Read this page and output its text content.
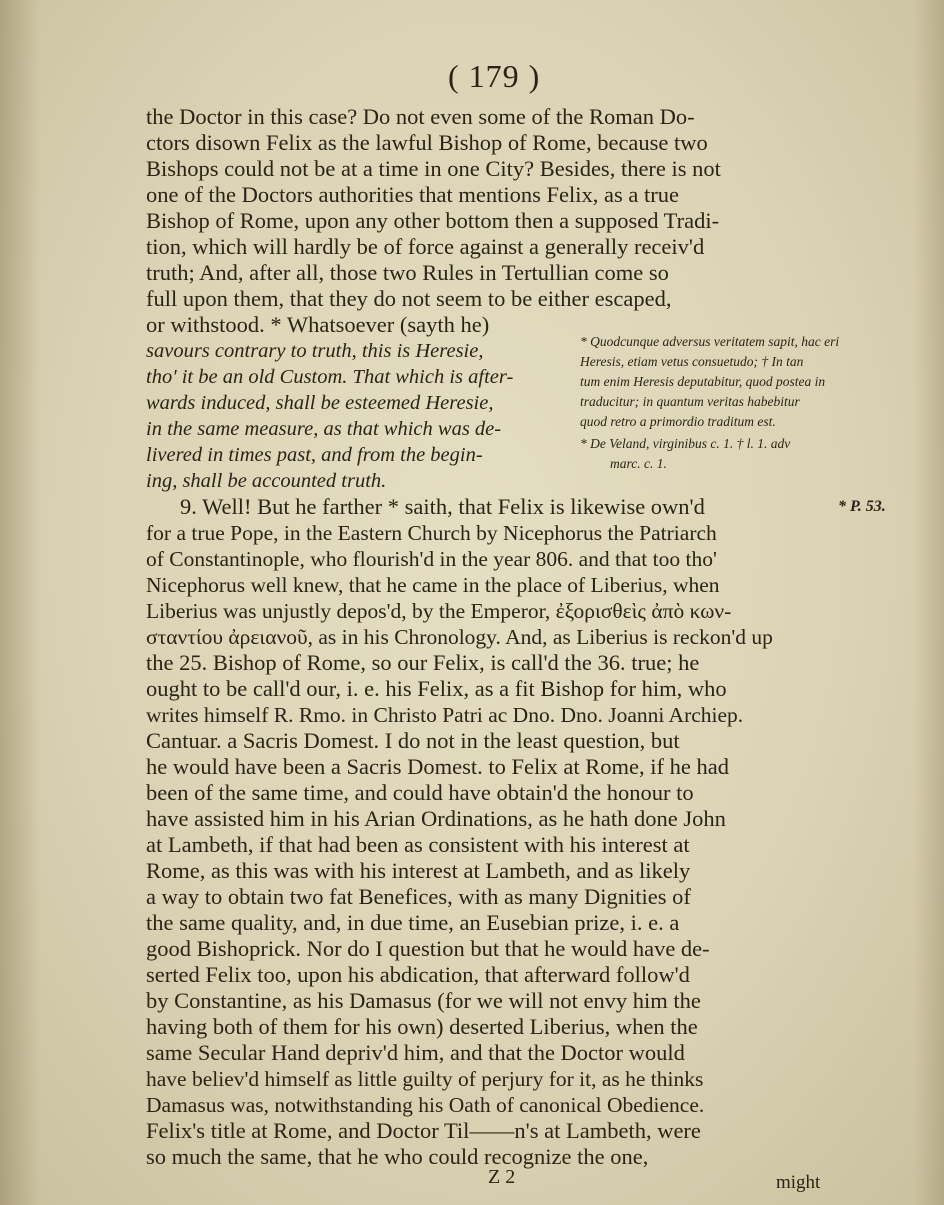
( 179 )
the Doctor in this case? Do not even some of the Roman Do-
ctors disown Felix as the lawful Bishop of Rome, because two
Bishops could not be at a time in one City? Besides, there is not
one of the Doctors authorities that mentions Felix, as a true
Bishop of Rome, upon any other bottom then a supposed Tradi-
tion, which will hardly be of force against a generally receiv'd
truth; And, after all, those two Rules in Tertullian come so
full upon them, that they do not seem to be either escaped,
or withstood. * Whatsoever (sayth he)
savours contrary to truth, this is Heresie,
tho' it be an old Custom. That which is after-
wards induced, shall be esteemed Heresie,
in the same measure, as that which was de-
livered in times past, and from the begin-
ing, shall be accounted truth.
9. Well! But he farther * saith, that Felix is likewise own'd
for a true Pope, in the Eastern Church by Nicephorus the Patriarch
of Constantinople, who flourish'd in the year 806. and that too tho'
Nicephorus well knew, that he came in the place of Liberius, when
Liberius was unjustly depos'd, by the Emperor, ἐξορισθεὶς ἀπὸ κων-
σταντίου ἀρειανοῦ, as in his Chronology. And, as Liberius is reckon'd up
the 25. Bishop of Rome, so our Felix, is call'd the 36. true; he
ought to be call'd our, i. e. his Felix, as a fit Bishop for him, who
writes himself R. Rmo. in Christo Patri ac Dno. Dno. Joanni Archiep.
Cantuar. a Sacris Domest. I do not in the least question, but
he would have been a Sacris Domest. to Felix at Rome, if he had
been of the same time, and could have obtain'd the honour to
have assisted him in his Arian Ordinations, as he hath done John
at Lambeth, if that had been as consistent with his interest at
Rome, as this was with his interest at Lambeth, and as likely
a way to obtain two fat Benefices, with as many Dignities of
the same quality, and, in due time, an Eusebian prize, i. e. a
good Bishoprick. Nor do I question but that he would have de-
serted Felix too, upon his abdication, that afterward follow'd
by Constantine, as his Damasus (for we will not envy him the
having both of them for his own) deserted Liberius, when the
same Secular Hand depriv'd him, and that the Doctor would
have believ'd himself as little guilty of perjury for it, as he thinks
Damasus was, notwithstanding his Oath of canonical Obedience.
Felix's title at Rome, and Doctor Til——n's at Lambeth, were
so much the same, that he who could recognize the one,
* Quodcunque adversus veritatem sapit, hac eri
Heresis, etiam vetus consuetudo; † In tan
tum enim Heresis deputabitur, quod postea in
traducitur; in quantum veritas habebitur
quod retro a primordio traditum est.
* De Veland, virginibus c. 1. † l. 1. adv
marc. c. 1.
* P. 53.
Z 2	might
